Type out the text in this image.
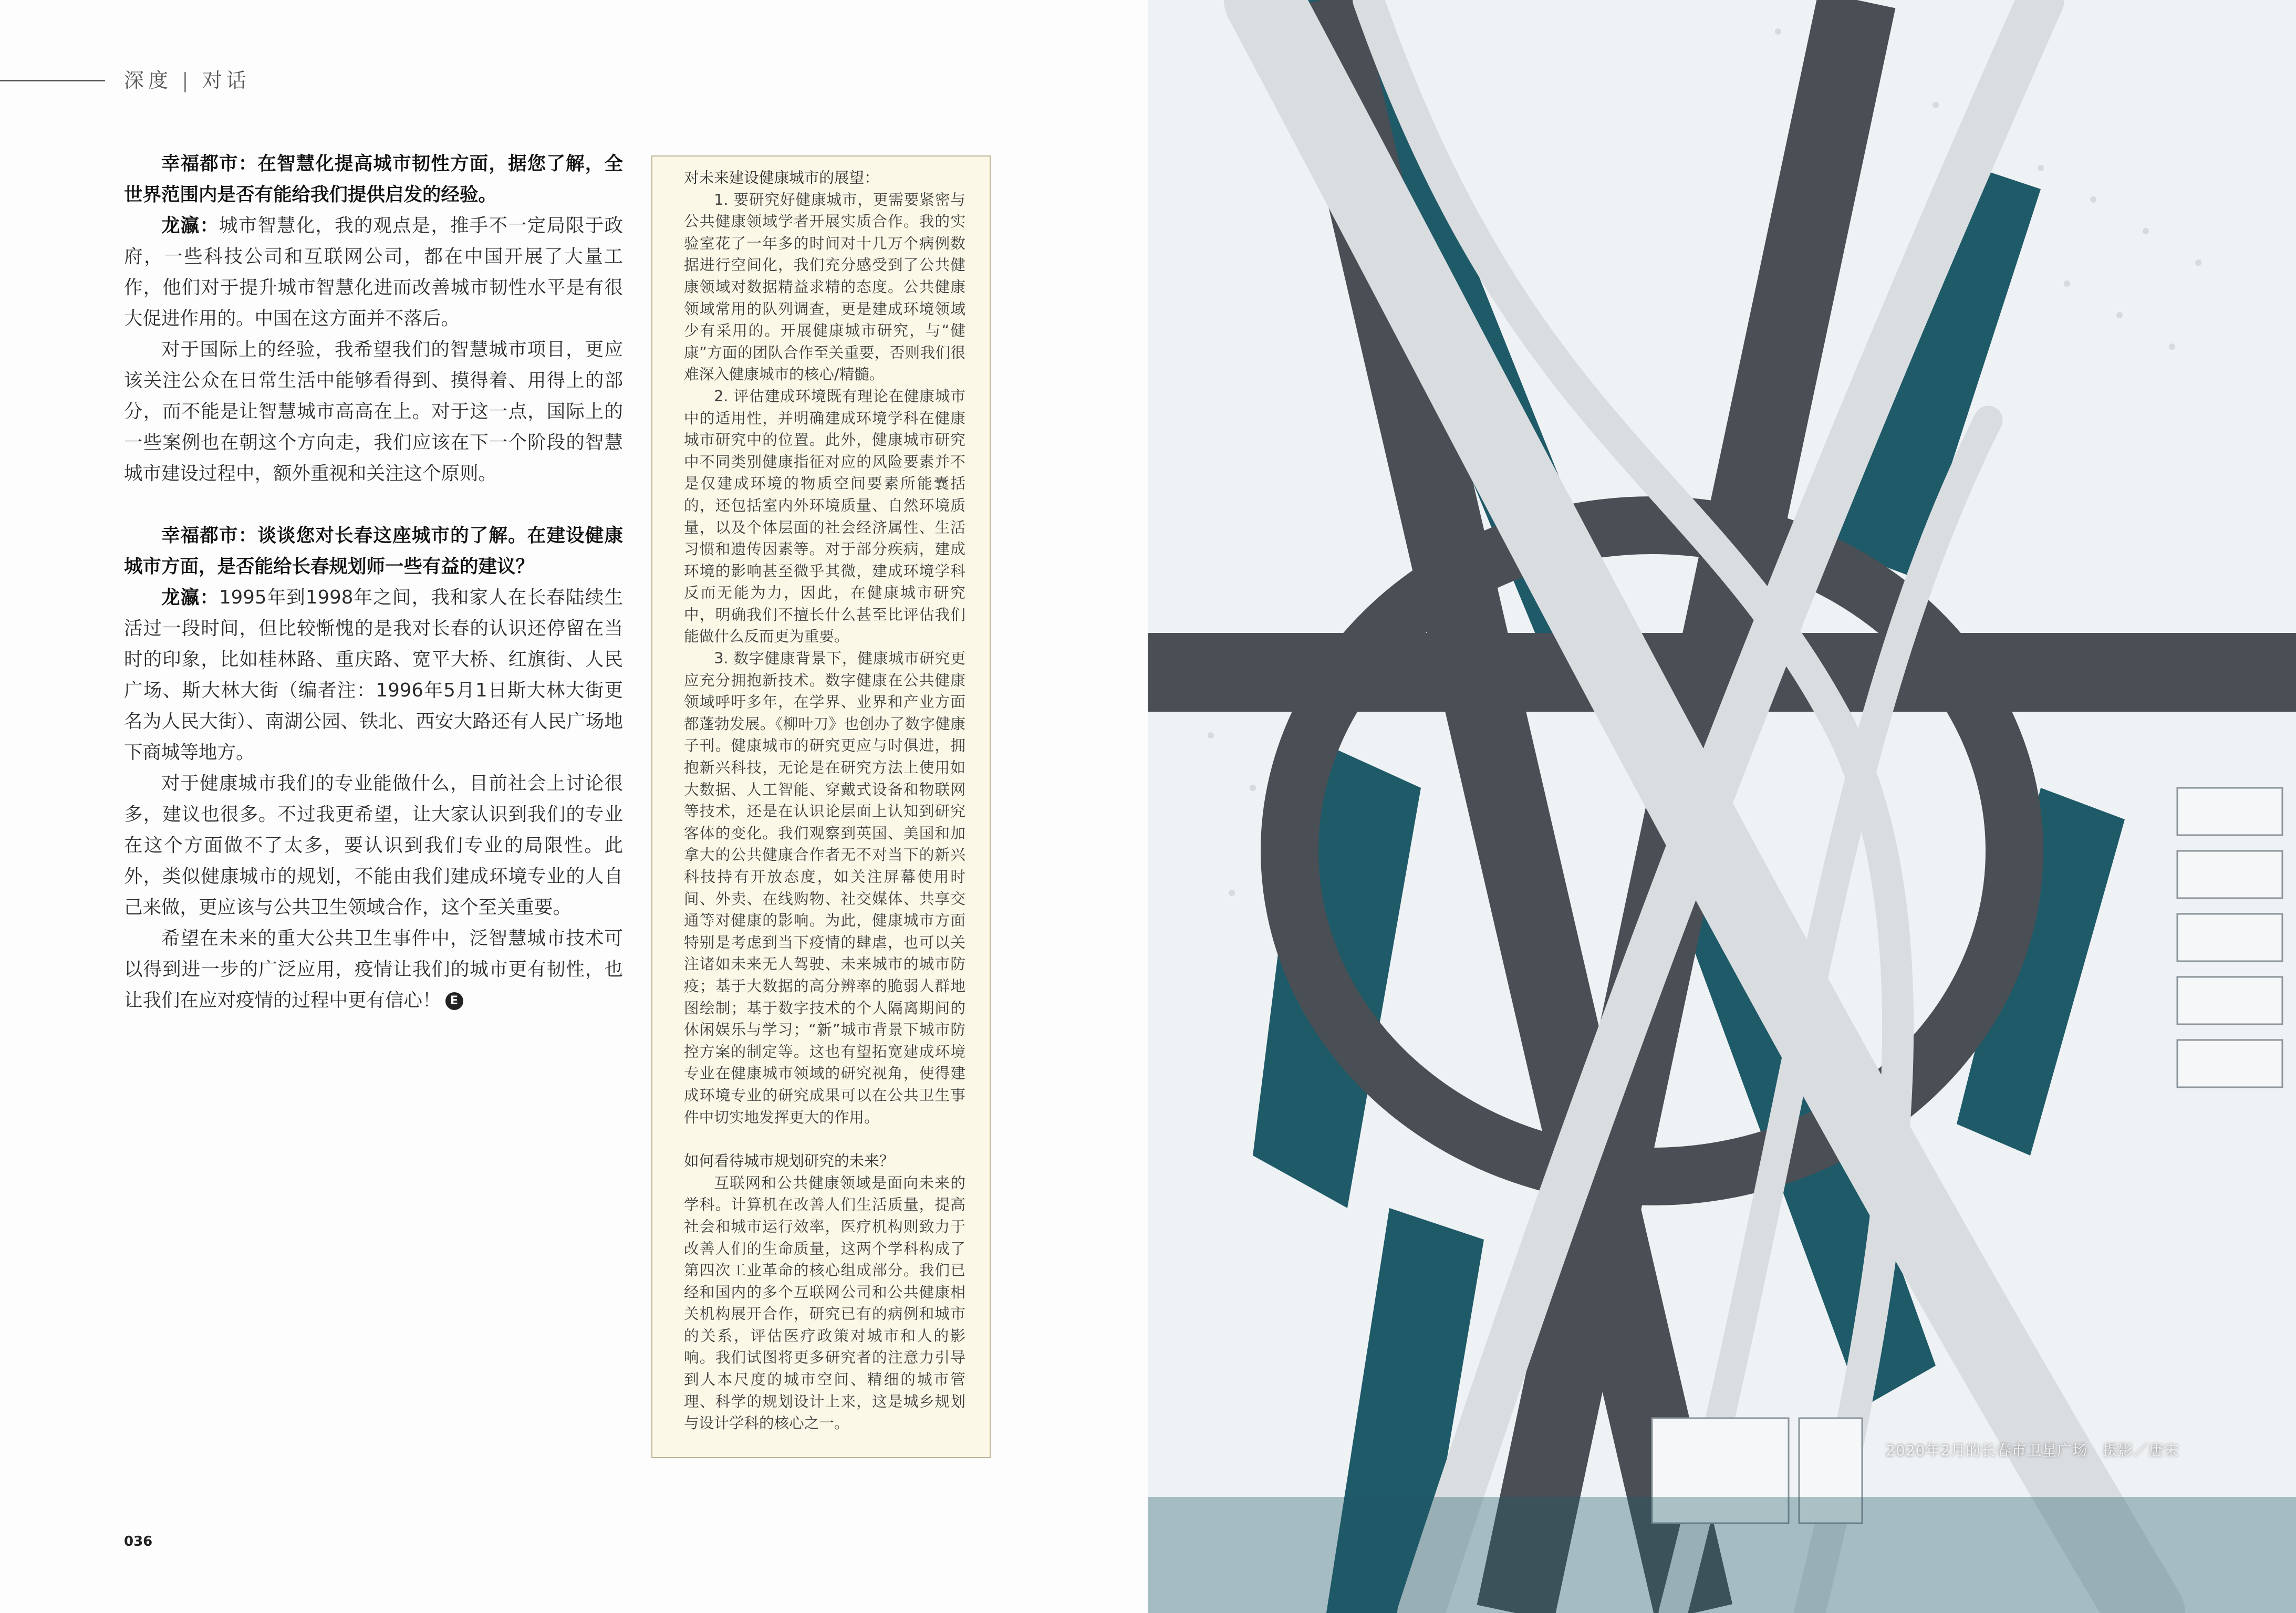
深度 | 对话

幸福都市：在智慧化提高城市韧性方面，据您了解，全世界范围内是否有能给我们提供启发的经验。

龙瀛：城市智慧化，我的观点是，推手不一定局限于政府，一些科技公司和互联网公司，都在中国开展了大量工作，他们对于提升城市智慧化进而改善城市韧性水平是有很大促进作用的。中国在这方面并不落后。

对于国际上的经验，我希望我们的智慧城市项目，更应该关注公众在日常生活中能够看得到、摸得着、用得上的部分，而不能是让智慧城市高高在上。对于这一点，国际上的一些案例也在朝这个方向走，我们应该在下一个阶段的智慧城市建设过程中，额外重视和关注这个原则。

幸福都市：谈谈您对长春这座城市的了解。在建设健康城市方面，是否能给长春规划师一些有益的建议？

龙瀛：1995年到1998年之间，我和家人在长春陆续生活过一段时间，但比较惭愧的是我对长春的认识还停留在当时的印象，比如桂林路、重庆路、宽平大桥、红旗街、人民广场、斯大林大街（编者注：1996年5月1日斯大林大街更名为人民大街）、南湖公园、铁北、西安大路还有人民广场地下商城等地方。

对于健康城市我们的专业能做什么，目前社会上讨论很多，建议也很多。不过我更希望，让大家认识到我们的专业在这个方面做不了太多，要认识到我们专业的局限性。此外，类似健康城市的规划，不能由我们建成环境专业的人自己来做，更应该与公共卫生领域合作，这个至关重要。

希望在未来的重大公共卫生事件中，泛智慧城市技术可以得到进一步的广泛应用，疫情让我们的城市更有韧性，也让我们在应对疫情的过程中更有信心！ E

对未来建设健康城市的展望：

1. 要研究好健康城市，更需要紧密与公共健康领域学者开展实质合作。我的实验室花了一年多的时间对十几万个病例数据进行空间化，我们充分感受到了公共健康领域对数据精益求精的态度。公共健康领域常用的队列调查，更是建成环境领域少有采用的。开展健康城市研究，与“健康”方面的团队合作至关重要，否则我们很难深入健康城市的核心/精髓。

2. 评估建成环境既有理论在健康城市中的适用性，并明确建成环境学科在健康城市研究中的位置。此外，健康城市研究中不同类别健康指征对应的风险要素并不是仅建成环境的物质空间要素所能囊括的，还包括室内外环境质量、自然环境质量，以及个体层面的社会经济属性、生活习惯和遗传因素等。对于部分疾病，建成环境的影响甚至微乎其微，建成环境学科反而无能为力，因此，在健康城市研究中，明确我们不擅长什么甚至比评估我们能做什么反而更为重要。

3. 数字健康背景下，健康城市研究更应充分拥抱新技术。数字健康在公共健康领域呼吁多年，在学界、业界和产业方面都蓬勃发展。《柳叶刀》也创办了数字健康子刊。健康城市的研究更应与时俱进，拥抱新兴科技，无论是在研究方法上使用如大数据、人工智能、穿戴式设备和物联网等技术，还是在认识论层面上认知到研究客体的变化。我们观察到英国、美国和加拿大的公共健康合作者无不对当下的新兴科技持有开放态度，如关注屏幕使用时间、外卖、在线购物、社交媒体、共享交通等对健康的影响。为此，健康城市方面特别是考虑到当下疫情的肆虐，也可以关注诸如未来无人驾驶、未来城市的城市防疫；基于大数据的高分辨率的脆弱人群地图绘制；基于数字技术的个人隔离期间的休闲娱乐与学习；“新”城市背景下城市防控方案的制定等。这也有望拓宽建成环境专业在健康城市领域的研究视角，使得建成环境专业的研究成果可以在公共卫生事件中切实地发挥更大的作用。

如何看待城市规划研究的未来？

互联网和公共健康领域是面向未来的学科。计算机在改善人们生活质量，提高社会和城市运行效率，医疗机构则致力于改善人们的生命质量，这两个学科构成了第四次工业革命的核心组成部分。我们已经和国内的多个互联网公司和公共健康相关机构展开合作，研究已有的病例和城市的关系，评估医疗政策对城市和人的影响。我们试图将更多研究者的注意力引导到人本尺度的城市空间、精细的城市管理、科学的规划设计上来，这是城乡规划与设计学科的核心之一。

036
2020年2月的长春市卫星广场　摄影／唐宋
